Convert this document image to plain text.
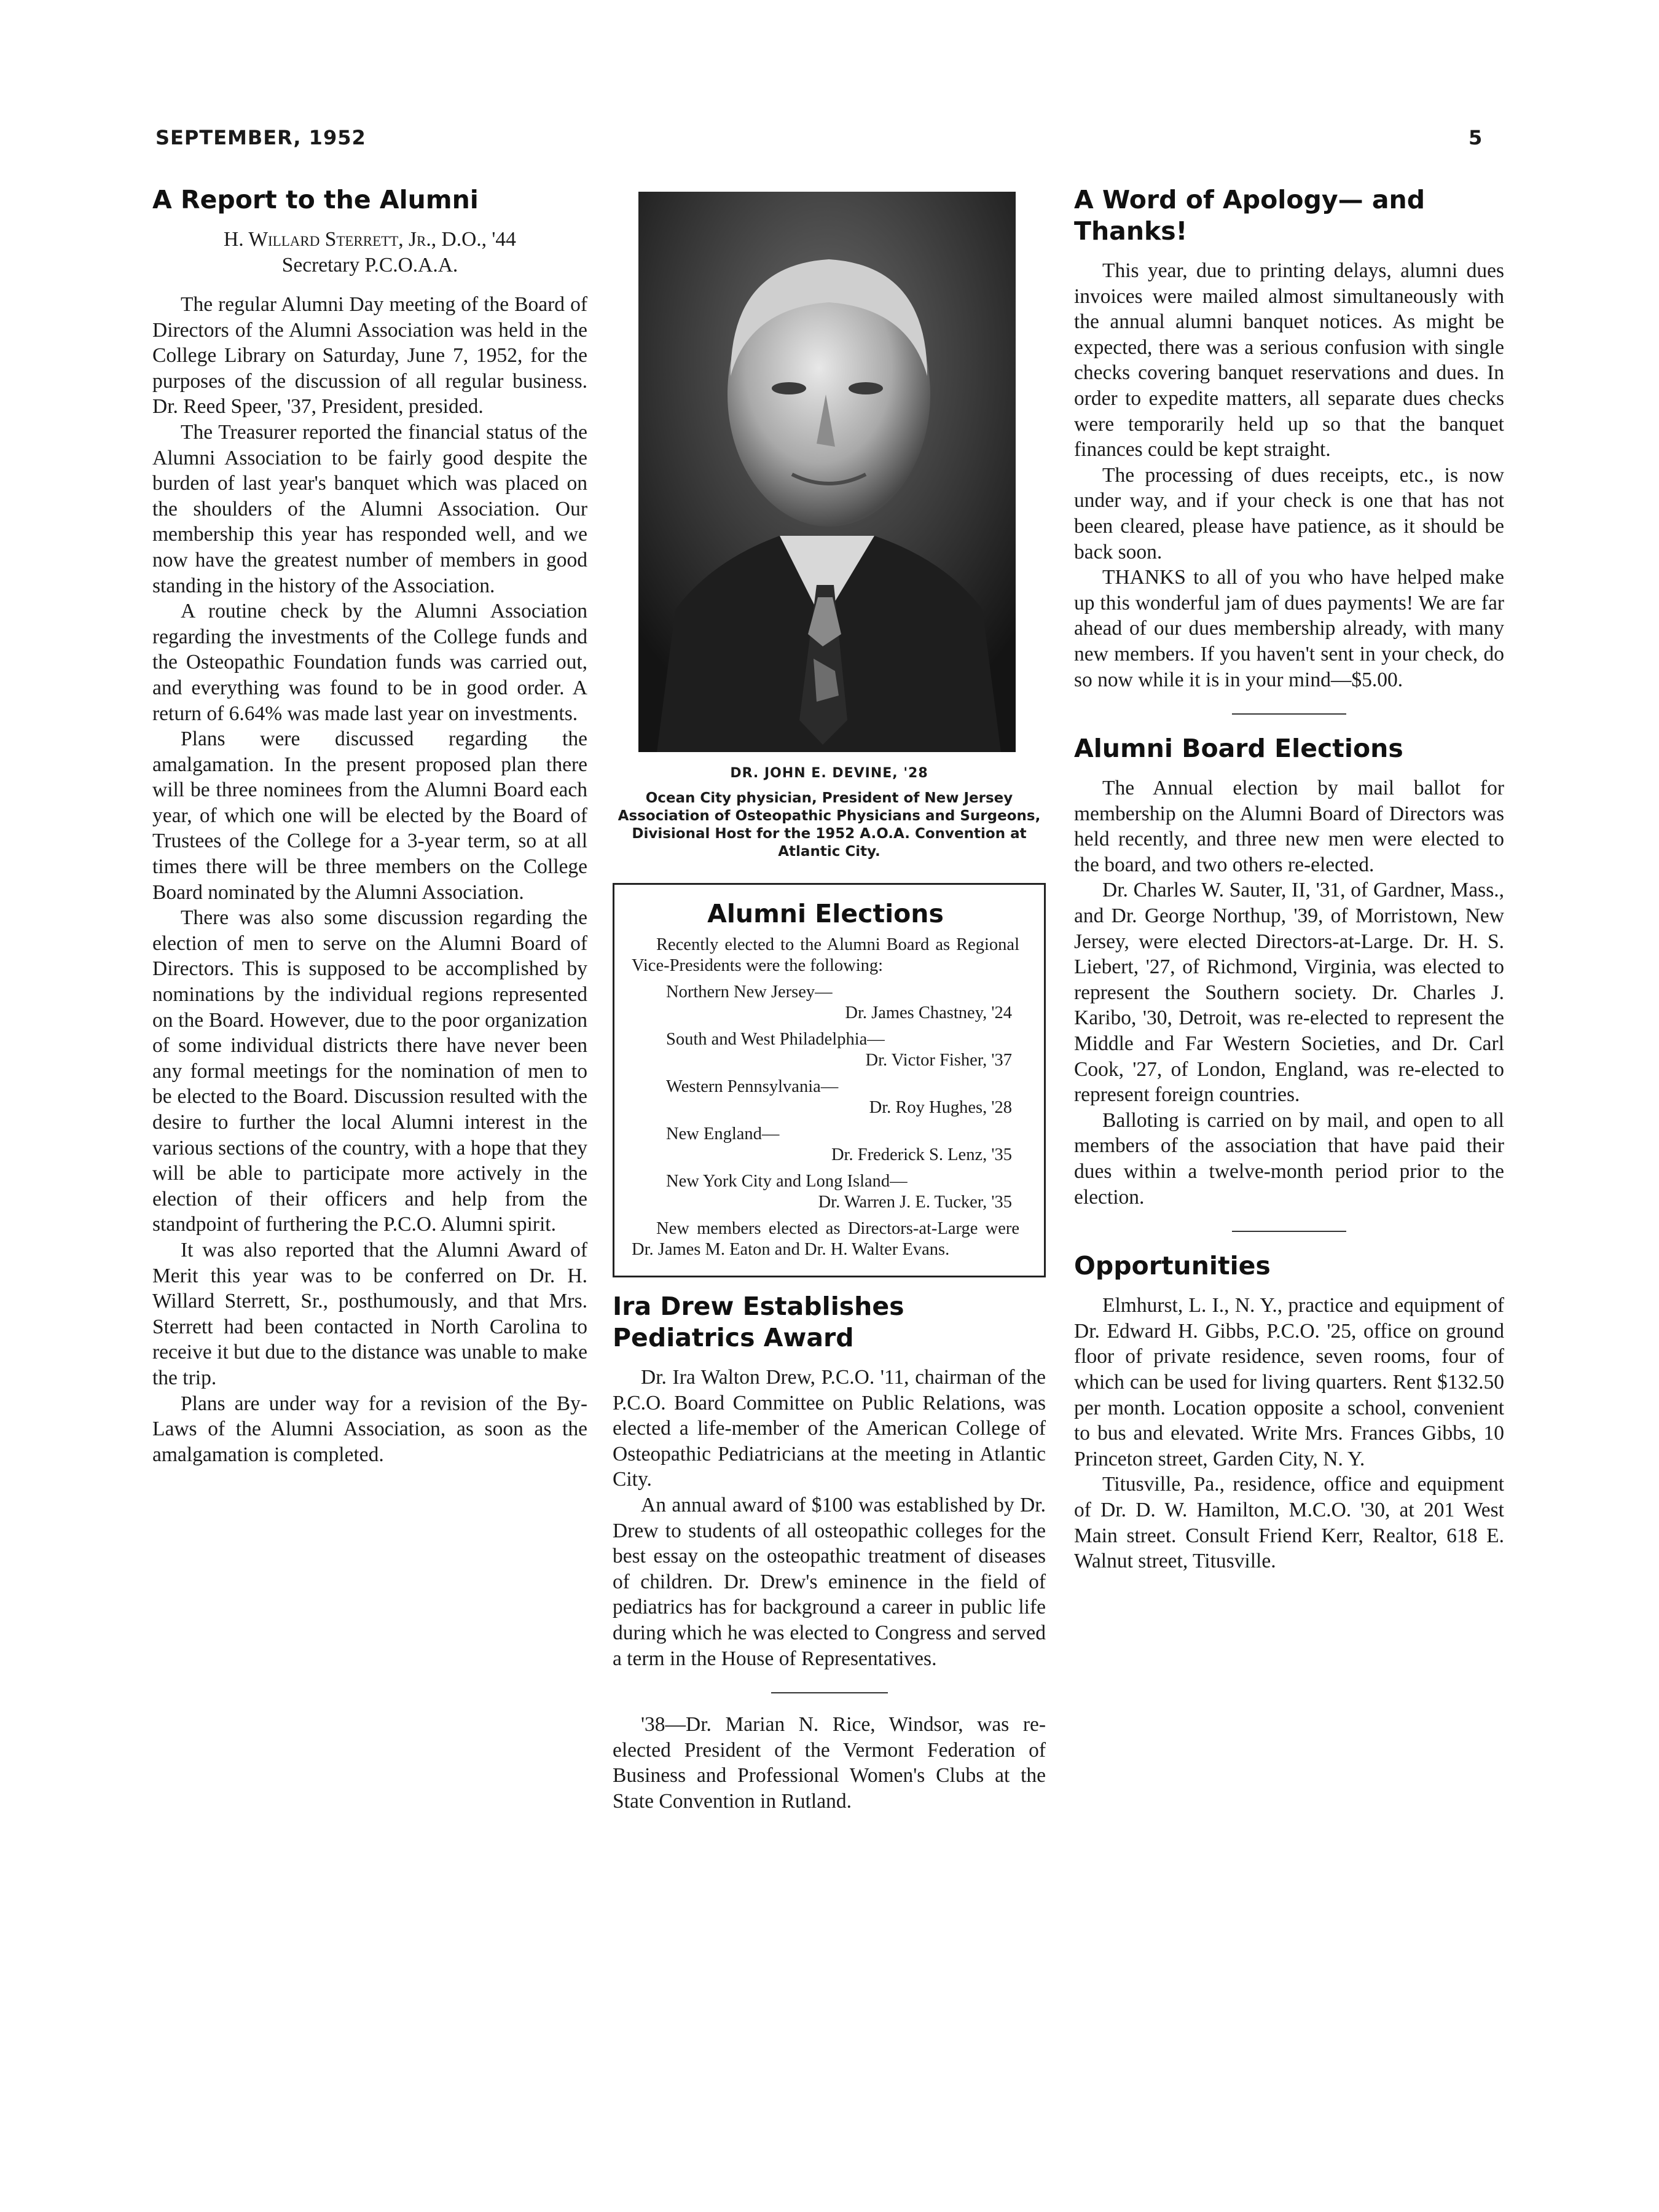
SEPTEMBER, 1952	5
A Report to the Alumni
H. Willard Sterrett, Jr., D.O., '44
Secretary P.C.O.A.A.

The regular Alumni Day meeting of the Board of Directors of the Alumni Association was held in the College Library on Saturday, June 7, 1952, for the purposes of the discussion of all regular business. Dr. Reed Speer, '37, President, presided.

The Treasurer reported the financial status of the Alumni Association to be fairly good despite the burden of last year's banquet which was placed on the shoulders of the Alumni Association. Our membership this year has responded well, and we now have the greatest number of members in good standing in the history of the Association.

A routine check by the Alumni Association regarding the investments of the College funds and the Osteopathic Foundation funds was carried out, and everything was found to be in good order. A return of 6.64% was made last year on investments.

Plans were discussed regarding the amalgamation. In the present proposed plan there will be three nominees from the Alumni Board each year, of which one will be elected by the Board of Trustees of the College for a 3-year term, so at all times there will be three members on the College Board nominated by the Alumni Association.

There was also some discussion regarding the election of men to serve on the Alumni Board of Directors. This is supposed to be accomplished by nominations by the individual regions represented on the Board. However, due to the poor organization of some individual districts there have never been any formal meetings for the nomination of men to be elected to the Board. Discussion resulted with the desire to further the local Alumni interest in the various sections of the country, with a hope that they will be able to participate more actively in the election of their officers and help from the standpoint of furthering the P.C.O. Alumni spirit.

It was also reported that the Alumni Award of Merit this year was to be conferred on Dr. H. Willard Sterrett, Sr., posthumously, and that Mrs. Sterrett had been contacted in North Carolina to receive it but due to the distance was unable to make the trip.

Plans are under way for a revision of the By-Laws of the Alumni Association, as soon as the amalgamation is completed.

DR. JOHN E. DEVINE, '28
Ocean City physician, President of New Jersey Association of Osteopathic Physicians and Surgeons, Divisional Host for the 1952 A.O.A. Convention at Atlantic City.
Alumni Elections
Recently elected to the Alumni Board as Regional Vice-Presidents were the following:
Northern New Jersey—
Dr. James Chastney, '24
South and West Philadelphia—
Dr. Victor Fisher, '37
Western Pennsylvania—
Dr. Roy Hughes, '28
New England—
Dr. Frederick S. Lenz, '35
New York City and Long Island—
Dr. Warren J. E. Tucker, '35
New members elected as Directors-at-Large were Dr. James M. Eaton and Dr. H. Walter Evans.
Ira Drew Establishes Pediatrics Award

Dr. Ira Walton Drew, P.C.O. '11, chairman of the P.C.O. Board Committee on Public Relations, was elected a life-member of the American College of Osteopathic Pediatricians at the meeting in Atlantic City.

An annual award of $100 was established by Dr. Drew to students of all osteopathic colleges for the best essay on the osteopathic treatment of diseases of children. Dr. Drew's eminence in the field of pediatrics has for background a career in public life during which he was elected to Congress and served a term in the House of Representatives.

'38—Dr. Marian N. Rice, Windsor, was re-elected President of the Vermont Federation of Business and Professional Women's Clubs at the State Convention in Rutland.

A Word of Apology— and Thanks!

This year, due to printing delays, alumni dues invoices were mailed almost simultaneously with the annual alumni banquet notices. As might be expected, there was a serious confusion with single checks covering banquet reservations and dues. In order to expedite matters, all separate dues checks were temporarily held up so that the banquet finances could be kept straight.

The processing of dues receipts, etc., is now under way, and if your check is one that has not been cleared, please have patience, as it should be back soon.

THANKS to all of you who have helped make up this wonderful jam of dues payments! We are far ahead of our dues membership already, with many new members. If you haven't sent in your check, do so now while it is in your mind—$5.00.

Alumni Board Elections

The Annual election by mail ballot for membership on the Alumni Board of Directors was held recently, and three new men were elected to the board, and two others re-elected.

Dr. Charles W. Sauter, II, '31, of Gardner, Mass., and Dr. George Northup, '39, of Morristown, New Jersey, were elected Directors-at-Large. Dr. H. S. Liebert, '27, of Richmond, Virginia, was elected to represent the Southern society. Dr. Charles J. Karibo, '30, Detroit, was re-elected to represent the Middle and Far Western Societies, and Dr. Carl Cook, '27, of London, England, was re-elected to represent foreign countries.

Balloting is carried on by mail, and open to all members of the association that have paid their dues within a twelve-month period prior to the election.

Opportunities

Elmhurst, L. I., N. Y., practice and equipment of Dr. Edward H. Gibbs, P.C.O. '25, office on ground floor of private residence, seven rooms, four of which can be used for living quarters. Rent $132.50 per month. Location opposite a school, convenient to bus and elevated. Write Mrs. Frances Gibbs, 10 Princeton street, Garden City, N. Y.

Titusville, Pa., residence, office and equipment of Dr. D. W. Hamilton, M.C.O. '30, at 201 West Main street. Consult Friend Kerr, Realtor, 618 E. Walnut street, Titusville.
